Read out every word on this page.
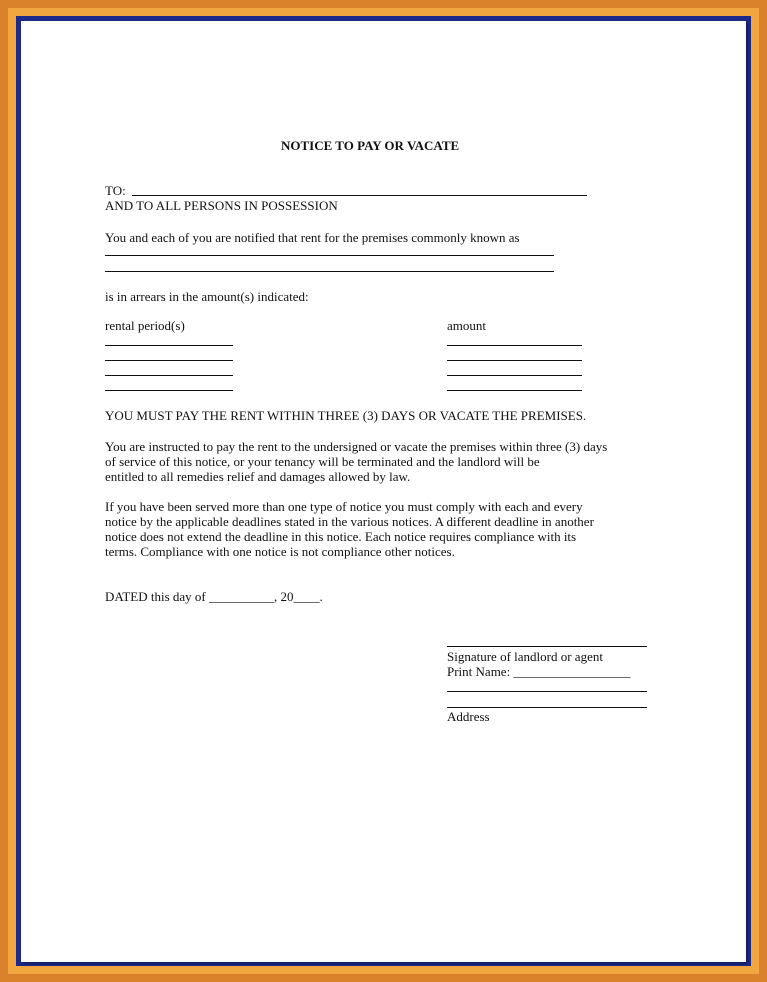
NOTICE TO PAY OR VACATE
TO:
AND TO ALL PERSONS IN POSSESSION
You and each of you are notified that rent for the premises commonly known as
is in arrears in the amount(s) indicated:
rental period(s)	amount
YOU MUST PAY THE RENT WITHIN THREE (3) DAYS OR VACATE THE PREMISES.
You are instructed to pay the rent to the undersigned or vacate the premises within three (3) days
of service of this notice, or your tenancy will be terminated and the landlord will be
entitled to all remedies relief and damages allowed by law.
If you have been served more than one type of notice you must comply with each and every
notice by the applicable deadlines stated in the various notices. A different deadline in another
notice does not extend the deadline in this notice. Each notice requires compliance with its
terms. Compliance with one notice is not compliance other notices.
DATED this day of __________, 20____.
Signature of landlord or agent
Print Name: __________________
Address
